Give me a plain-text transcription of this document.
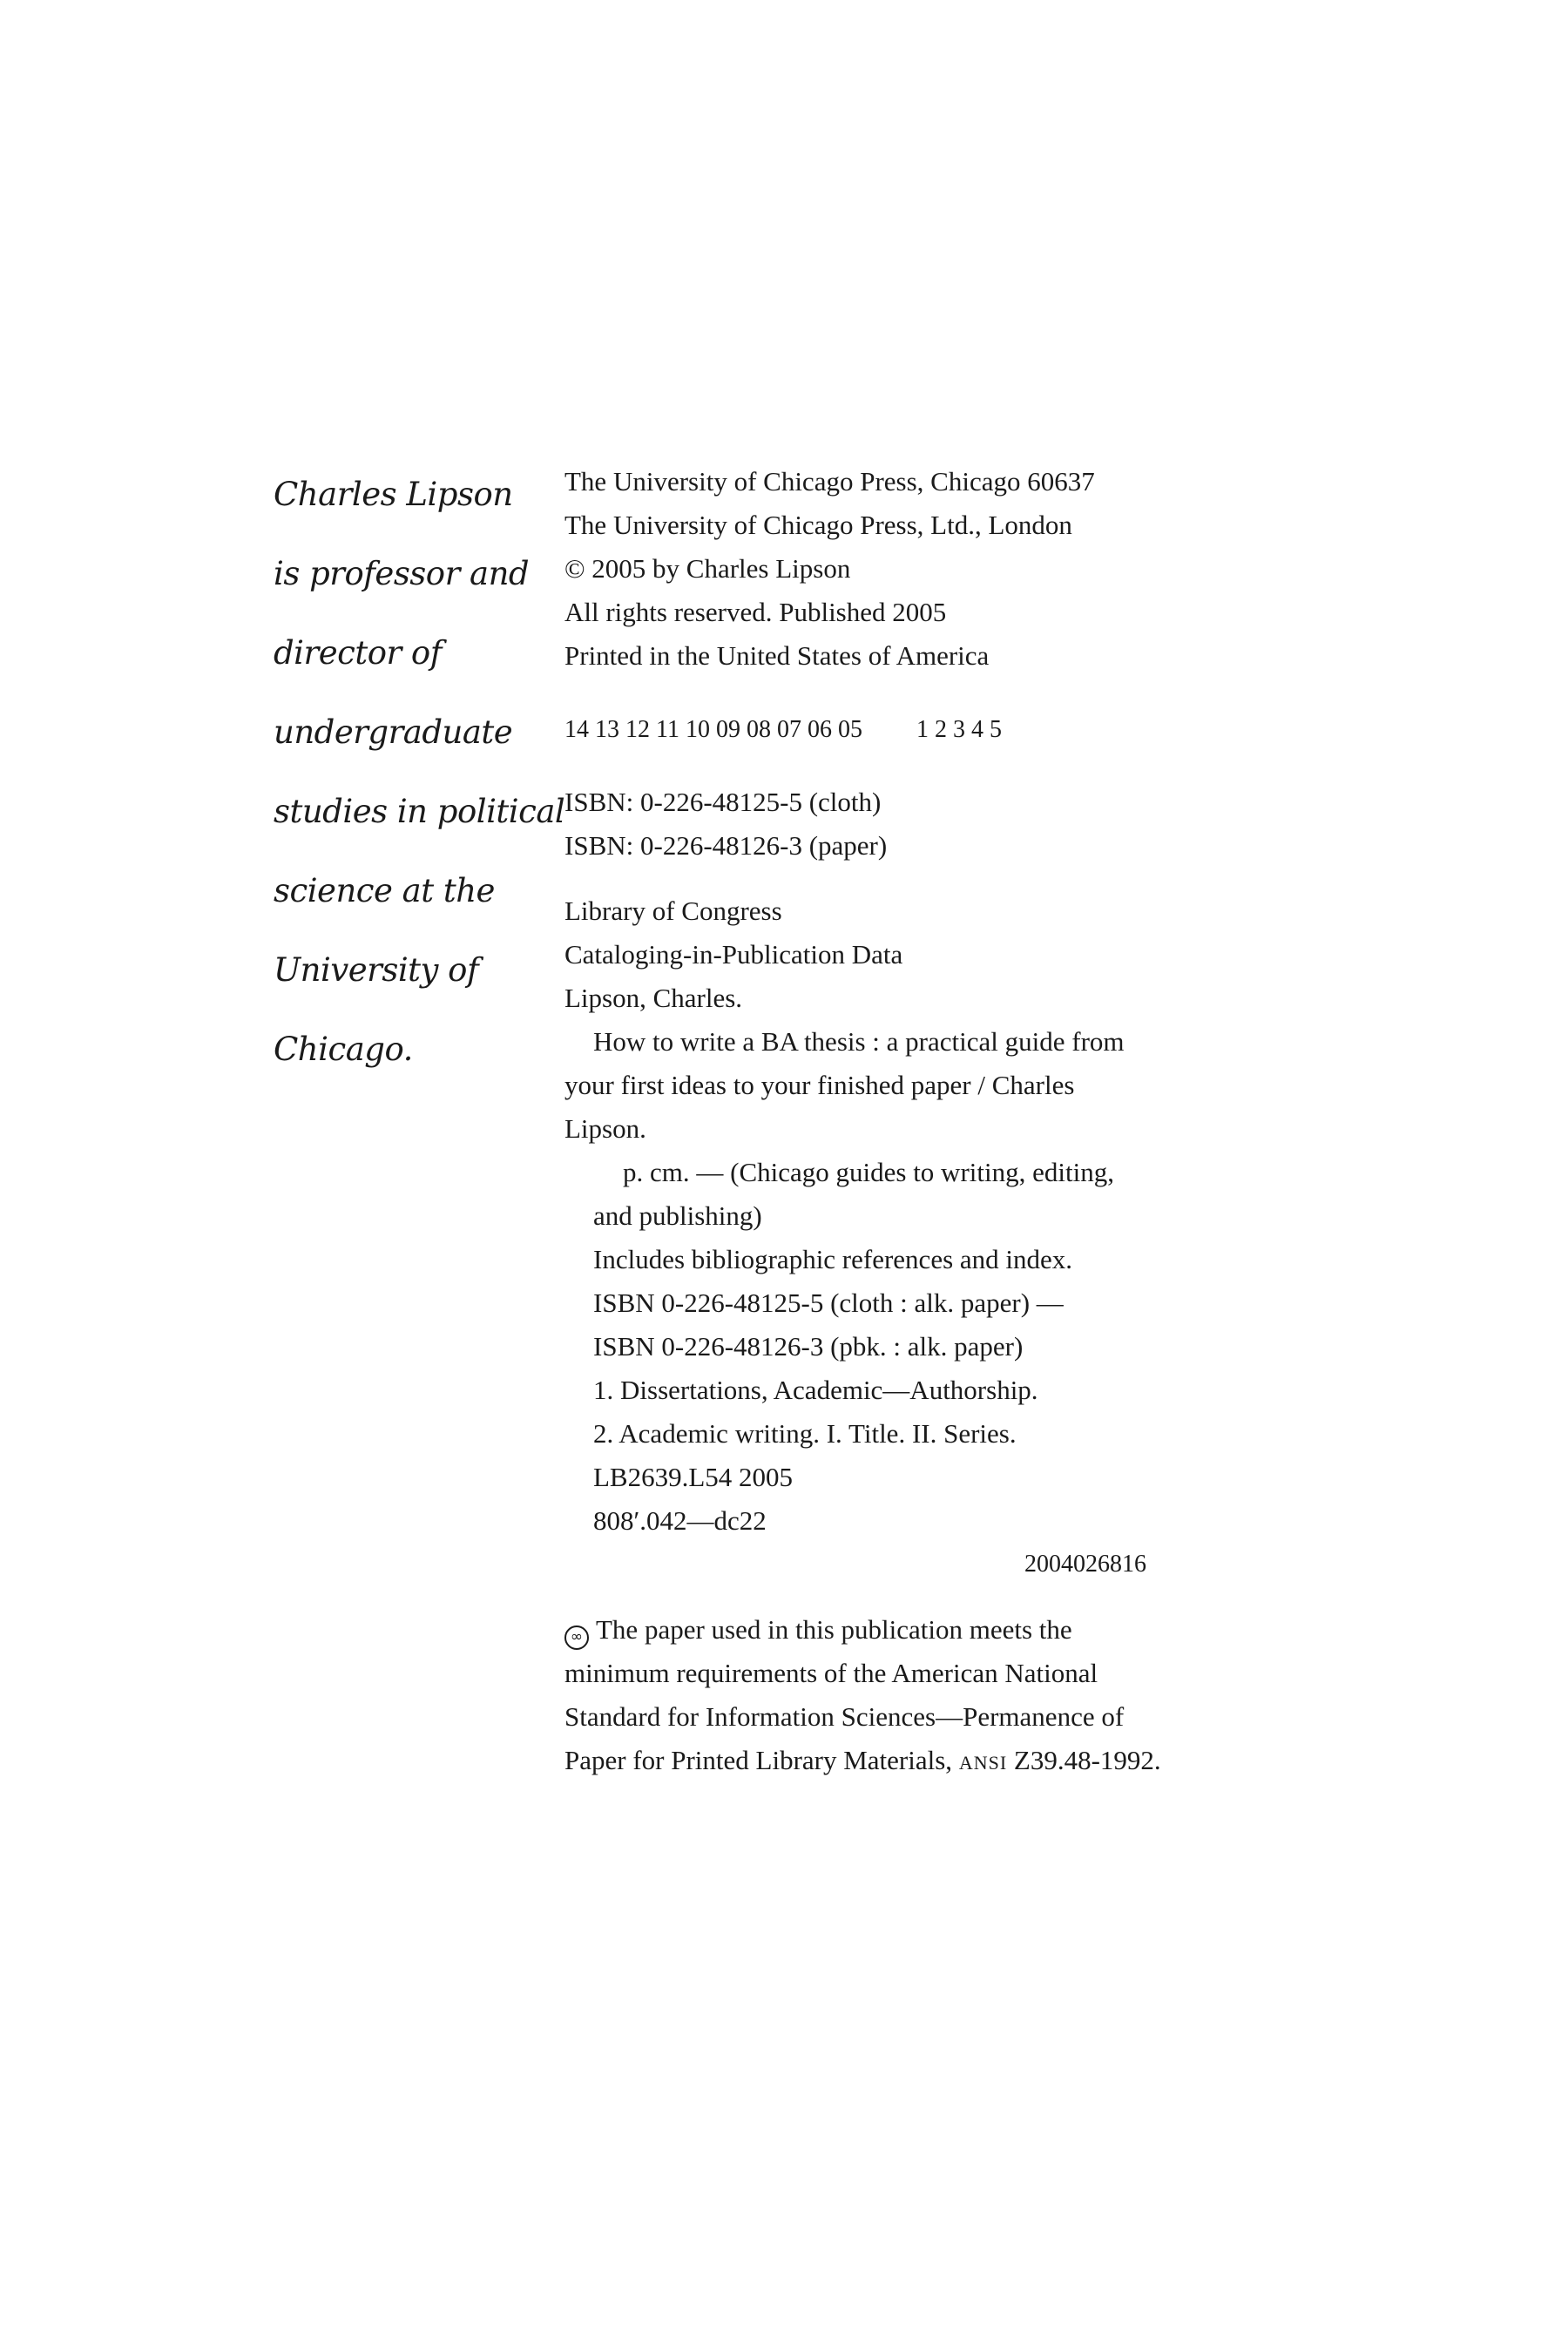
Charles Lipson
is professor and
director of
undergraduate
studies in political
science at the
University of
Chicago.
The University of Chicago Press, Chicago 60637
The University of Chicago Press, Ltd., London
© 2005 by Charles Lipson
All rights reserved. Published 2005
Printed in the United States of America
14 13 12 11 10 09 08 07 06 05 1 2 3 4 5
ISBN: 0-226-48125-5 (cloth)
ISBN: 0-226-48126-3 (paper)
Library of Congress
Cataloging-in-Publication Data
Lipson, Charles.
How to write a BA thesis : a practical guide from
your first ideas to your finished paper / Charles
Lipson.
p. cm. — (Chicago guides to writing, editing,
and publishing)
Includes bibliographic references and index.
ISBN 0-226-48125-5 (cloth : alk. paper) —
ISBN 0-226-48126-3 (pbk. : alk. paper)
1. Dissertations, Academic—Authorship.
2. Academic writing. I. Title. II. Series.
LB2639.L54 2005
808′.042—dc22
2004026816
∞ The paper used in this publication meets the
minimum requirements of the American National
Standard for Information Sciences—Permanence of
Paper for Printed Library Materials, ansi Z39.48-1992.
